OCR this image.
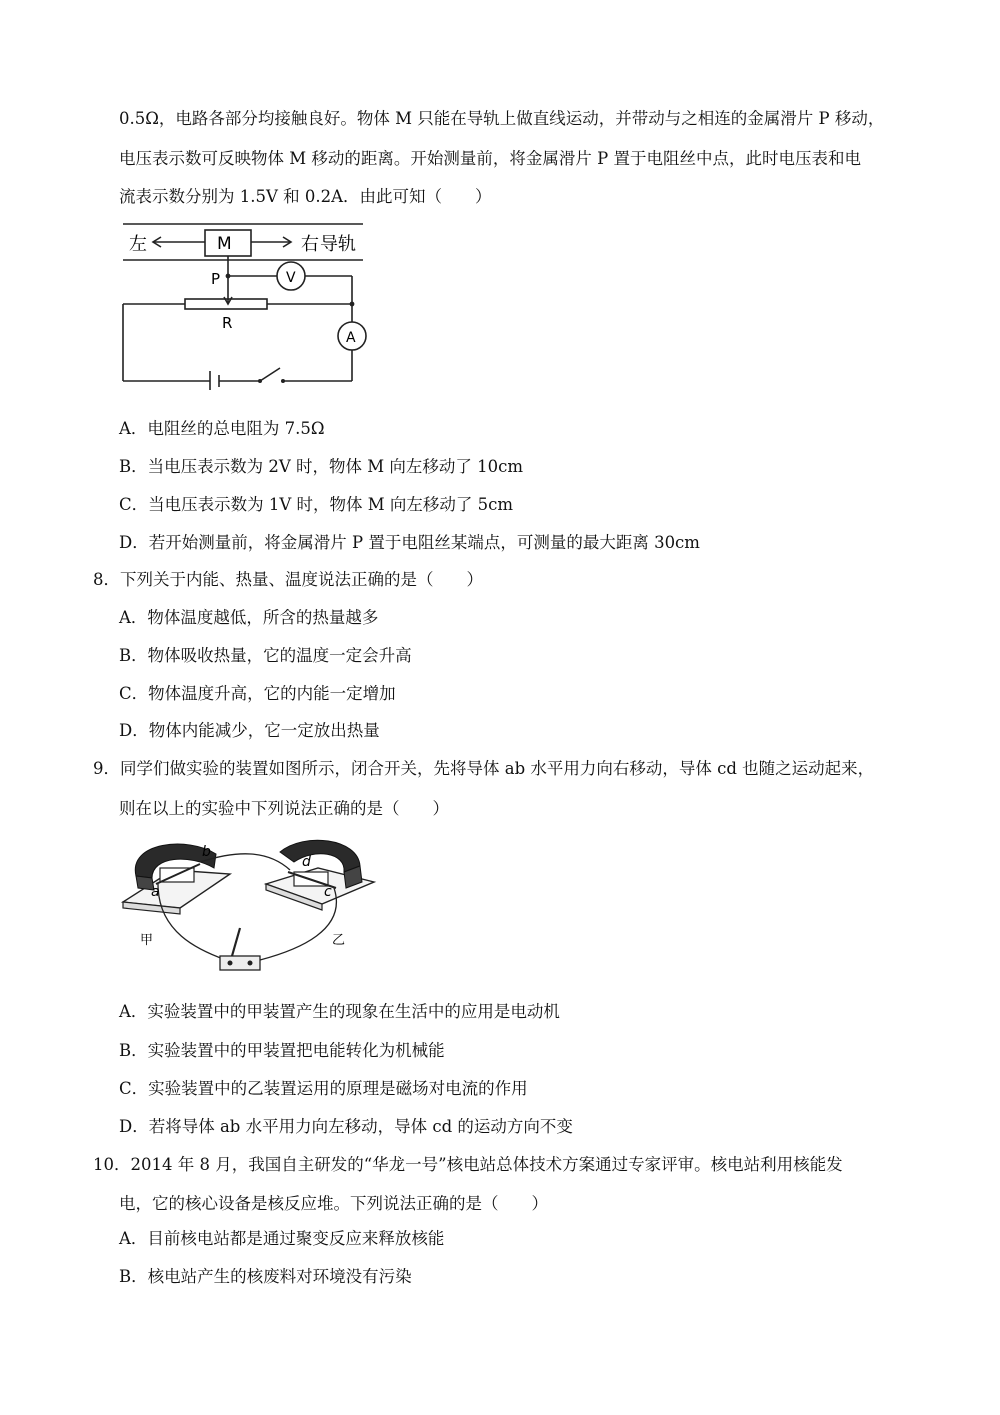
0.5Ω，电路各部分均接触良好。物体 M 只能在导轨上做直线运动，并带动与之相连的金属滑片 P 移动，
电压表示数可反映物体 M 移动的距离。开始测量前，将金属滑片 P 置于电阻丝中点，此时电压表和电
流表示数分别为 1.5V 和 0.2A．由此可知（　　）
左	M	右 导轨
P
R
V
A
A．电阻丝的总电阻为 7.5Ω
B．当电压表示数为 2V 时，物体 M 向左移动了 10cm
C．当电压表示数为 1V 时，物体 M 向左移动了 5cm
D．若开始测量前，将金属滑片 P 置于电阻丝某端点，可测量的最大距离 30cm
8．下列关于内能、热量、温度说法正确的是（　　）
A．物体温度越低，所含的热量越多
B．物体吸收热量，它的温度一定会升高
C．物体温度升高，它的内能一定增加
D．物体内能减少，它一定放出热量
9．同学们做实验的装置如图所示，闭合开关，先将导体 ab 水平用力向右移动，导体 cd 也随之运动起来，
则在以上的实验中下列说法正确的是（　　）
b
a
d
c
甲	乙
A．实验装置中的甲装置产生的现象在生活中的应用是电动机
B．实验装置中的甲装置把电能转化为机械能
C．实验装置中的乙装置运用的原理是磁场对电流的作用
D．若将导体 ab 水平用力向左移动，导体 cd 的运动方向不变
10．2014 年 8 月，我国自主研发的“华龙一号”核电站总体技术方案通过专家评审。核电站利用核能发
电，它的核心设备是核反应堆。下列说法正确的是（　　）
A．目前核电站都是通过聚变反应来释放核能
B．核电站产生的核废料对环境没有污染
